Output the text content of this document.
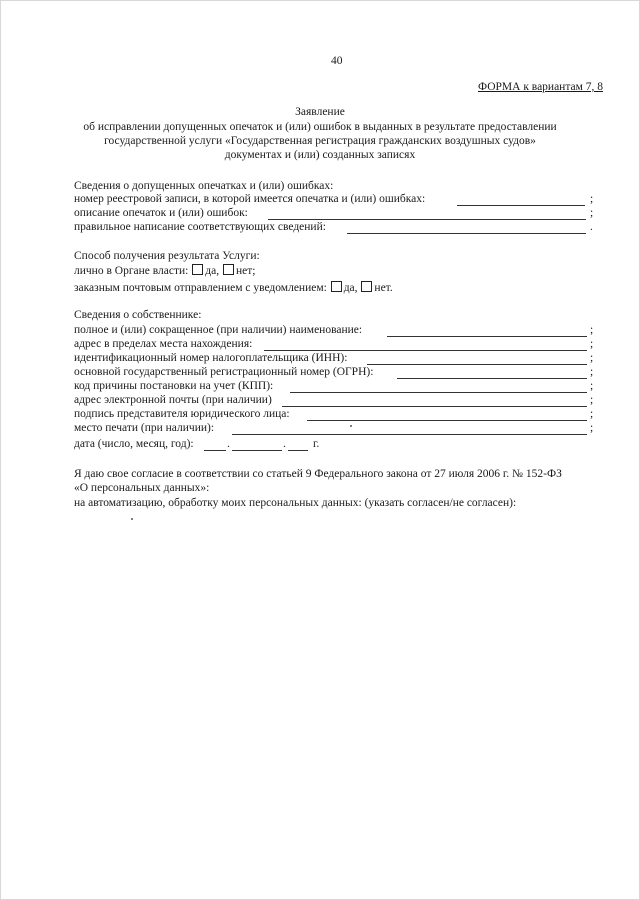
40
ФОРМА к вариантам 7, 8
Заявление
об исправлении допущенных опечаток и (или) ошибок в выданных в результате предоставлении
государственной услуги «Государственная регистрация гражданских воздушных судов»
документах и (или) созданных записях
Сведения о допущенных опечатках и (или) ошибках:
номер реестровой записи, в которой имеется опечатка и (или) ошибках:	;
описание опечаток и (или) ошибок:	;
правильное написание соответствующих сведений:	.
Способ получения результата Услуги:
лично в Органе власти: да, нет;
заказным почтовым отправлением с уведомлением: да, нет.
Сведения о собственнике:
полное и (или) сокращенное (при наличии) наименование:	;
адрес в пределах места нахождения:	;
идентификационный номер налогоплательщика (ИНН):	;
основной государственный регистрационный номер (ОГРН):	;
код причины постановки на учет (КПП):	;
адрес электронной почты (при наличии)	;
подпись представителя юридического лица:	;
место печати (при наличии):	;
дата (число, месяц, год):	.	. г.
Я даю свое согласие в соответствии со статьей 9 Федерального закона от 27 июля 2006 г. № 152-ФЗ
«О персональных данных»:
на автоматизацию, обработку моих персональных данных: (указать согласен/не согласен):
